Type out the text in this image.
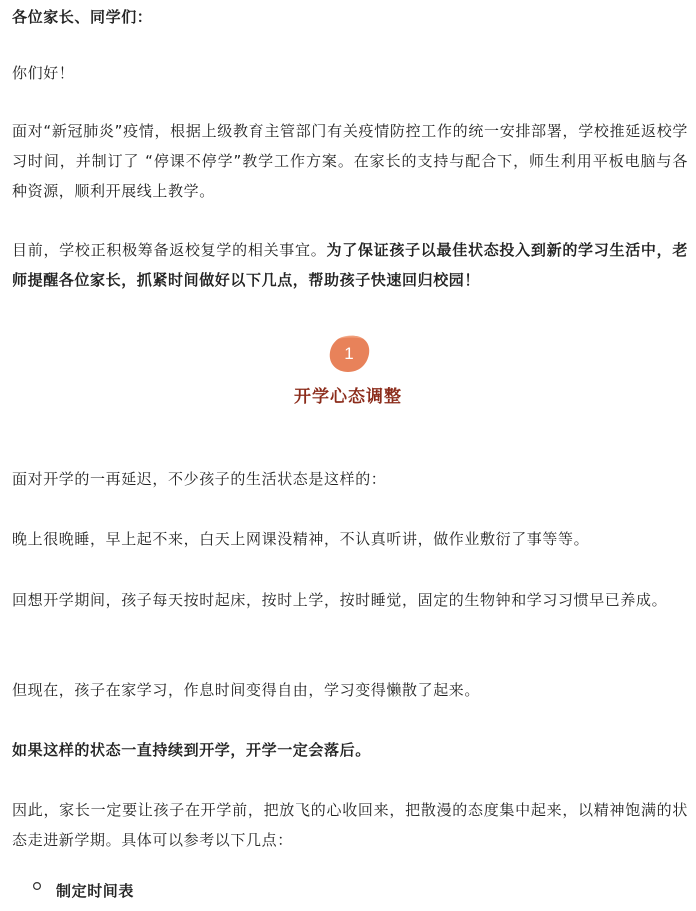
各位家长、同学们：

你们好！

面对“新冠肺炎”疫情，根据上级教育主管部门有关疫情防控工作的统一安排部署，学校推延返校学习时间，并制订了 “停课不停学”教学工作方案。在家长的支持与配合下，师生利用平板电脑与各种资源，顺利开展线上教学。

目前，学校正积极筹备返校复学的相关事宜。为了保证孩子以最佳状态投入到新的学习生活中，老师提醒各位家长，抓紧时间做好以下几点，帮助孩子快速回归校园！

1
开学心态调整

面对开学的一再延迟，不少孩子的生活状态是这样的：

晚上很晚睡，早上起不来，白天上网课没精神，不认真听讲，做作业敷衍了事等等。

回想开学期间，孩子每天按时起床，按时上学，按时睡觉，固定的生物钟和学习习惯早已养成。

但现在，孩子在家学习，作息时间变得自由，学习变得懒散了起来。

如果这样的状态一直持续到开学，开学一定会落后。

因此，家长一定要让孩子在开学前，把放飞的心收回来，把散漫的态度集中起来，以精神饱满的状态走进新学期。具体可以参考以下几点：

制定时间表
